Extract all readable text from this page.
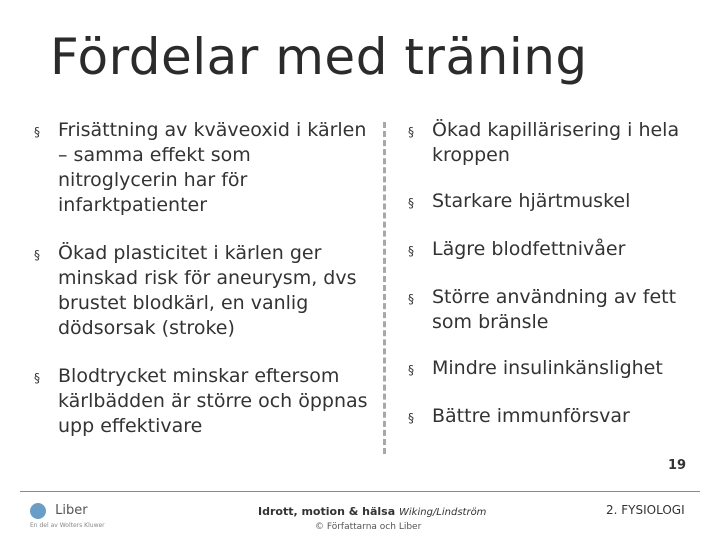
Fördelar med träning
§ Frisättning av kväveoxid i kärlen – samma effekt som nitroglycerin har för infarktpatienter
§ Ökad plasticitet i kärlen ger minskad risk för aneurysm, dvs brustet blodkärl, en vanlig dödsorsak (stroke)
§ Blodtrycket minskar eftersom kärlbädden är större och öppnas upp effektivare
§ Ökad kapillärisering i hela kroppen
§ Starkare hjärtmuskel
§ Lägre blodfettnivåer
§ Större användning av fett som bränsle
§ Mindre insulinkänslighet
§ Bättre immunförsvar
19
Liber
En del av Wolters Kluwer
Idrott, motion & hälsa Wiking/Lindström
© Författarna och Liber
2. FYSIOLOGI
